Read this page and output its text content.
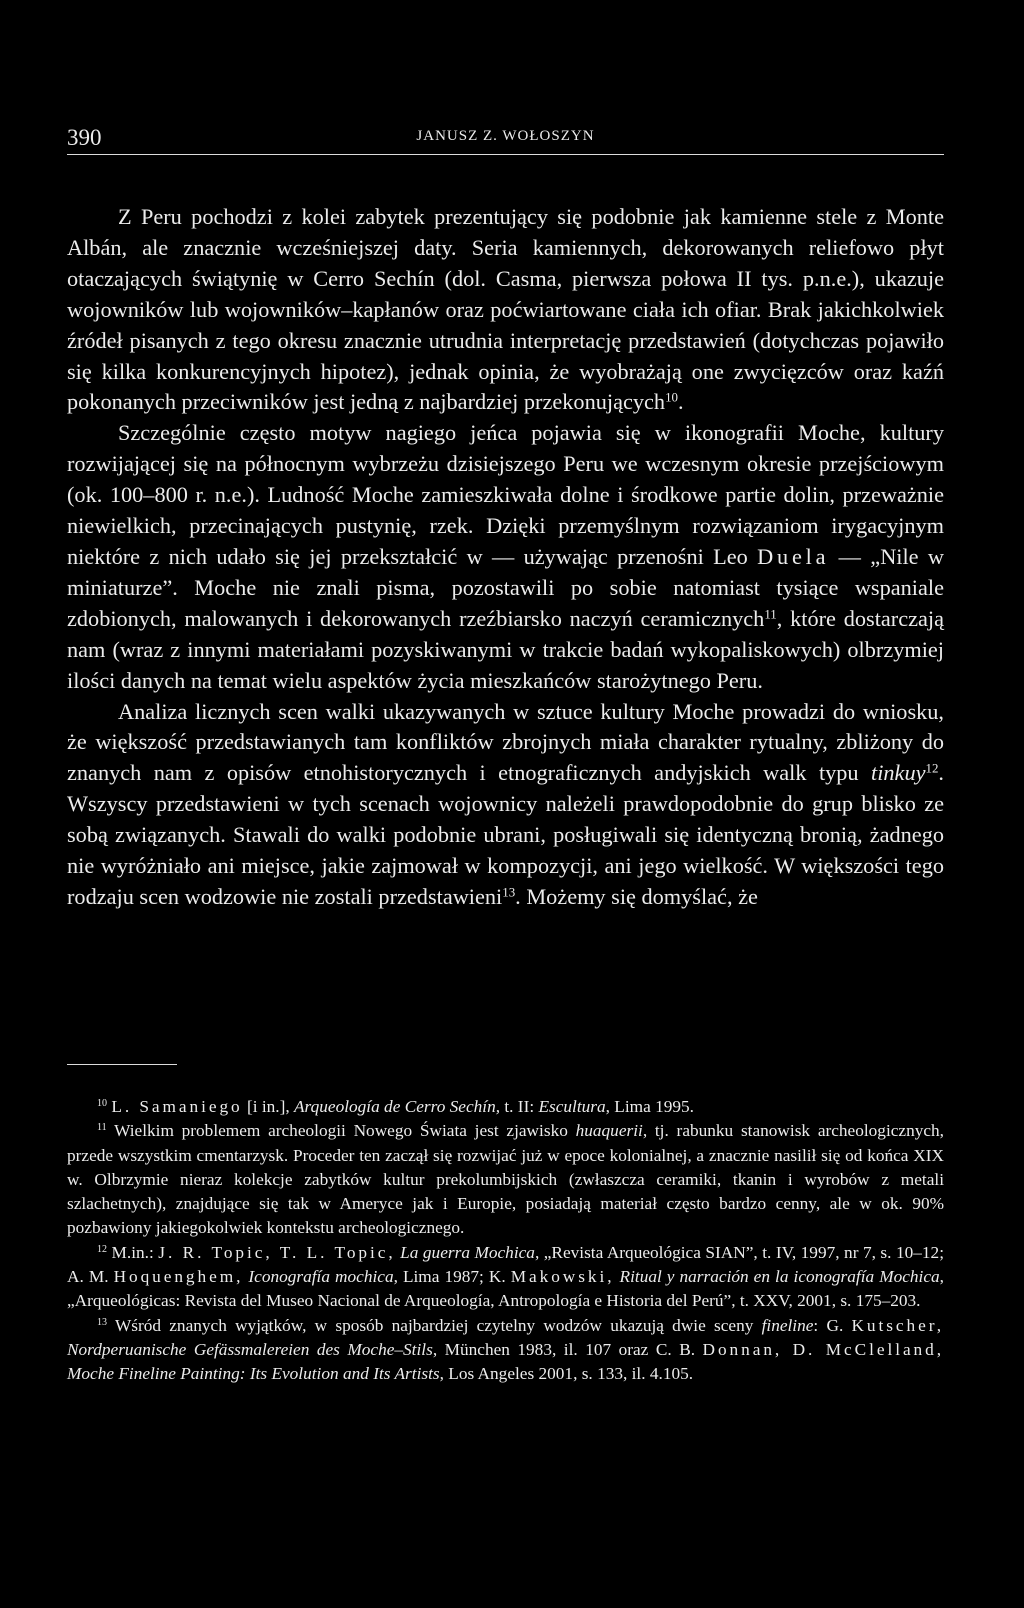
390	JANUSZ Z. WOŁOSZYN

Z Peru pochodzi z kolei zabytek prezentujący się podobnie jak kamienne stele z Monte Albán, ale znacznie wcześniejszej daty. Seria kamiennych, dekorowanych reliefowo płyt otaczających świątynię w Cerro Sechín (dol. Casma, pierwsza połowa II tys. p.n.e.), ukazuje wojowników lub wojowników–kapłanów oraz poćwiartowane ciała ich ofiar. Brak jakichkolwiek źródeł pisanych z tego okresu znacznie utrudnia interpretację przedstawień (dotychczas pojawiło się kilka konkurencyjnych hipotez), jednak opinia, że wyobrażają one zwycięzców oraz kaźń pokonanych przeciwników jest jedną z najbardziej przekonujących$^{10}$.

Szczególnie często motyw nagiego jeńca pojawia się w ikonografii Moche, kultury rozwijającej się na północnym wybrzeżu dzisiejszego Peru we wczesnym okresie przejściowym (ok. 100–800 r. n.e.). Ludność Moche zamieszkiwała dolne i środkowe partie dolin, przeważnie niewielkich, przecinających pustynię, rzek. Dzięki przemyślnym rozwiązaniom irygacyjnym niektóre z nich udało się jej przekształcić w — używając przenośni Leo Duela — „Nile w miniaturze”. Moche nie znali pisma, pozostawili po sobie natomiast tysiące wspaniale zdobionych, malowanych i dekorowanych rzeźbiarsko naczyń ceramicznych$^{11}$, które dostarczają nam (wraz z innymi materiałami pozyskiwanymi w trakcie badań wykopaliskowych) olbrzymiej ilości danych na temat wielu aspektów życia mieszkańców starożytnego Peru.

Analiza licznych scen walki ukazywanych w sztuce kultury Moche prowadzi do wniosku, że większość przedstawianych tam konfliktów zbrojnych miała charakter rytualny, zbliżony do znanych nam z opisów etnohistorycznych i etnograficznych andyjskich walk typu tinkuy$^{12}$. Wszyscy przedstawieni w tych scenach wojownicy należeli prawdopodobnie do grup blisko ze sobą związanych. Stawali do walki podobnie ubrani, posługiwali się identyczną bronią, żadnego nie wyróżniało ani miejsce, jakie zajmował w kompozycji, ani jego wielkość. W większości tego rodzaju scen wodzowie nie zostali przedstawieni$^{13}$. Możemy się domyślać, że

$^{10}$ L. Samaniego [i in.], Arqueología de Cerro Sechín, t. II: Escultura, Lima 1995.

$^{11}$ Wielkim problemem archeologii Nowego Świata jest zjawisko huaquerii, tj. rabunku stanowisk archeologicznych, przede wszystkim cmentarzysk. Proceder ten zaczął się rozwijać już w epoce kolonialnej, a znacznie nasilił się od końca XIX w. Olbrzymie nieraz kolekcje zabytków kultur prekolumbijskich (zwłaszcza ceramiki, tkanin i wyrobów z metali szlachetnych), znajdujące się tak w Ameryce jak i Europie, posiadają materiał często bardzo cenny, ale w ok. 90% pozbawiony jakiegokolwiek kontekstu archeologicznego.

$^{12}$ M.in.: J. R. Topic, T. L. Topic, La guerra Mochica, „Revista Arqueológica SIAN”, t. IV, 1997, nr 7, s. 10–12; A. M. Hoquenghem, Iconografía mochica, Lima 1987; K. Makowski, Ritual y narración en la iconografía Mochica, „Arqueológicas: Revista del Museo Nacional de Arqueología, Antropología e Historia del Perú”, t. XXV, 2001, s. 175–203.

$^{13}$ Wśród znanych wyjątków, w sposób najbardziej czytelny wodzów ukazują dwie sceny fineline: G. Kutscher, Nordperuanische Gefässmalereien des Moche–Stils, München 1983, il. 107 oraz C. B. Donnan, D. McClelland, Moche Fineline Painting: Its Evolution and Its Artists, Los Angeles 2001, s. 133, il. 4.105.
